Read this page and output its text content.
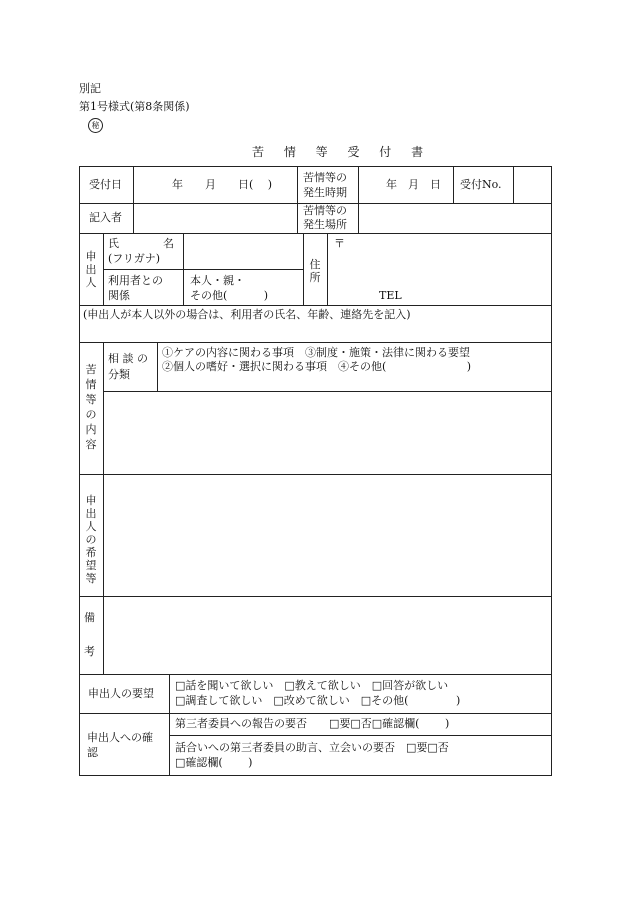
別記
第1号様式(第8条関係)
秘
苦 情 等 受 付 書
受付日	年　　月　　日(　 )
苦情等の
発生時期
年　月　日 受付No.
記入者
苦情等の
発生場所
申出人
氏　　　　名
(フリガナ)
利用者との
関係
本人・親・
その他(　　　 )
住所
〒
TEL
(申出人が本人以外の場合は、利用者の氏名、年齢、連絡先を記入)
苦情等の内容
相 談 の
分類
①ケアの内容に関わる事項　③制度・施策・法律に関わる要望
②個人の嗜好・選択に関わる事項　④その他(　　　　　　　 )
申出人の希望等
備
考
申出人の要望
□話を聞いて欲しい　□教えて欲しい　□回答が欲しい
□調査して欲しい　□改めて欲しい　□その他(　　　　 )
申出人への確
認
第三者委員への報告の要否　　□要□否□確認欄(　　 )
話合いへの第三者委員の助言、立会いの要否　□要□否
□確認欄(　　 )
